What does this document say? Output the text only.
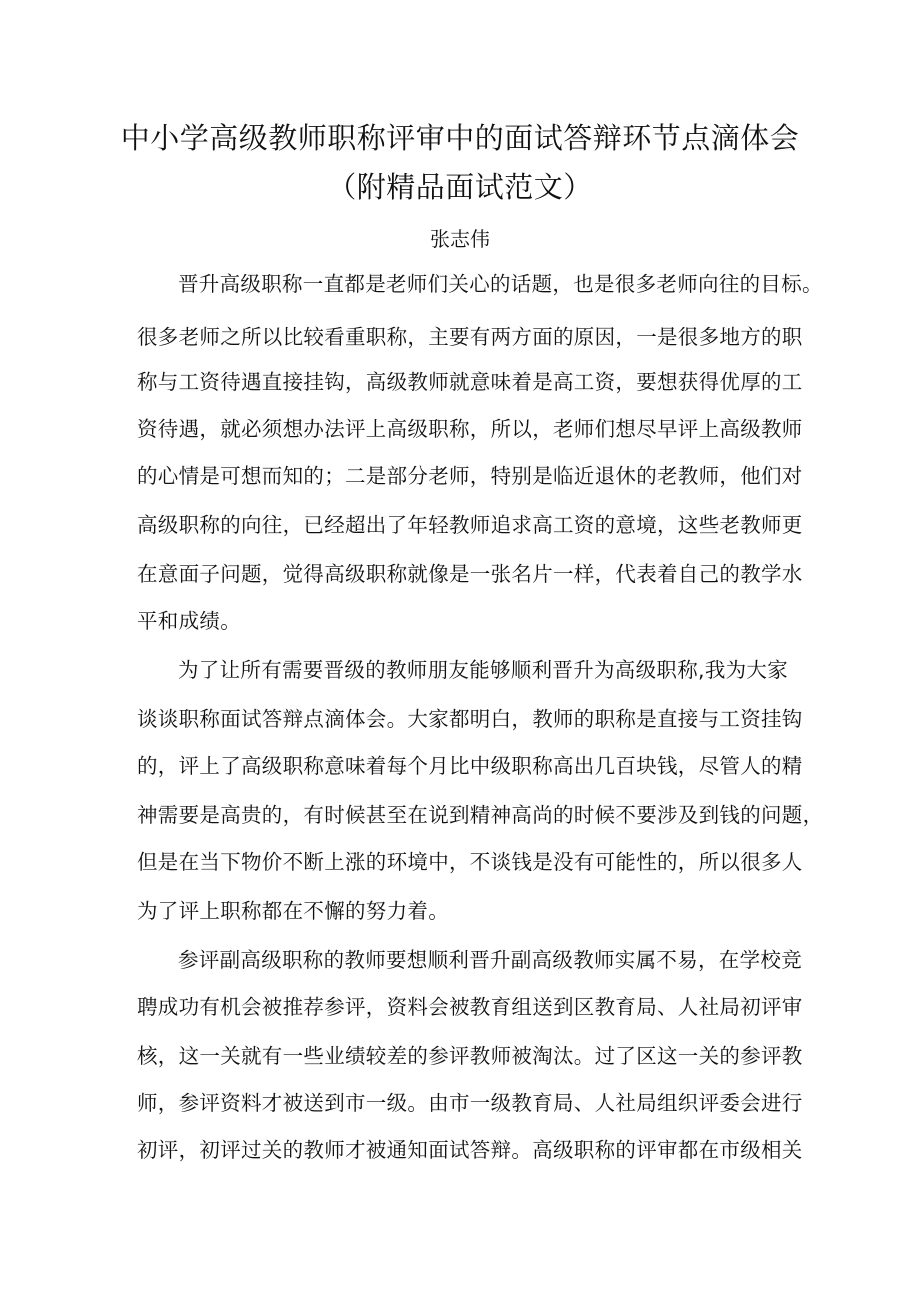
中小学高级教师职称评审中的面试答辩环节点滴体会
（附精品面试范文）
张志伟
晋升高级职称一直都是老师们关心的话题，也是很多老师向往的目标。
很多老师之所以比较看重职称，主要有两方面的原因，一是很多地方的职
称与工资待遇直接挂钩，高级教师就意味着是高工资，要想获得优厚的工
资待遇，就必须想办法评上高级职称，所以，老师们想尽早评上高级教师
的心情是可想而知的；二是部分老师，特别是临近退休的老教师，他们对
高级职称的向往，已经超出了年轻教师追求高工资的意境，这些老教师更
在意面子问题，觉得高级职称就像是一张名片一样，代表着自己的教学水
平和成绩。
为了让所有需要晋级的教师朋友能够顺利晋升为高级职称,我为大家
谈谈职称面试答辩点滴体会。大家都明白，教师的职称是直接与工资挂钩
的，评上了高级职称意味着每个月比中级职称高出几百块钱，尽管人的精
神需要是高贵的，有时候甚至在说到精神高尚的时候不要涉及到钱的问题，
但是在当下物价不断上涨的环境中，不谈钱是没有可能性的，所以很多人
为了评上职称都在不懈的努力着。
参评副高级职称的教师要想顺利晋升副高级教师实属不易，在学校竞
聘成功有机会被推荐参评，资料会被教育组送到区教育局、人社局初评审
核，这一关就有一些业绩较差的参评教师被淘汰。过了区这一关的参评教
师，参评资料才被送到市一级。由市一级教育局、人社局组织评委会进行
初评，初评过关的教师才被通知面试答辩。高级职称的评审都在市级相关
